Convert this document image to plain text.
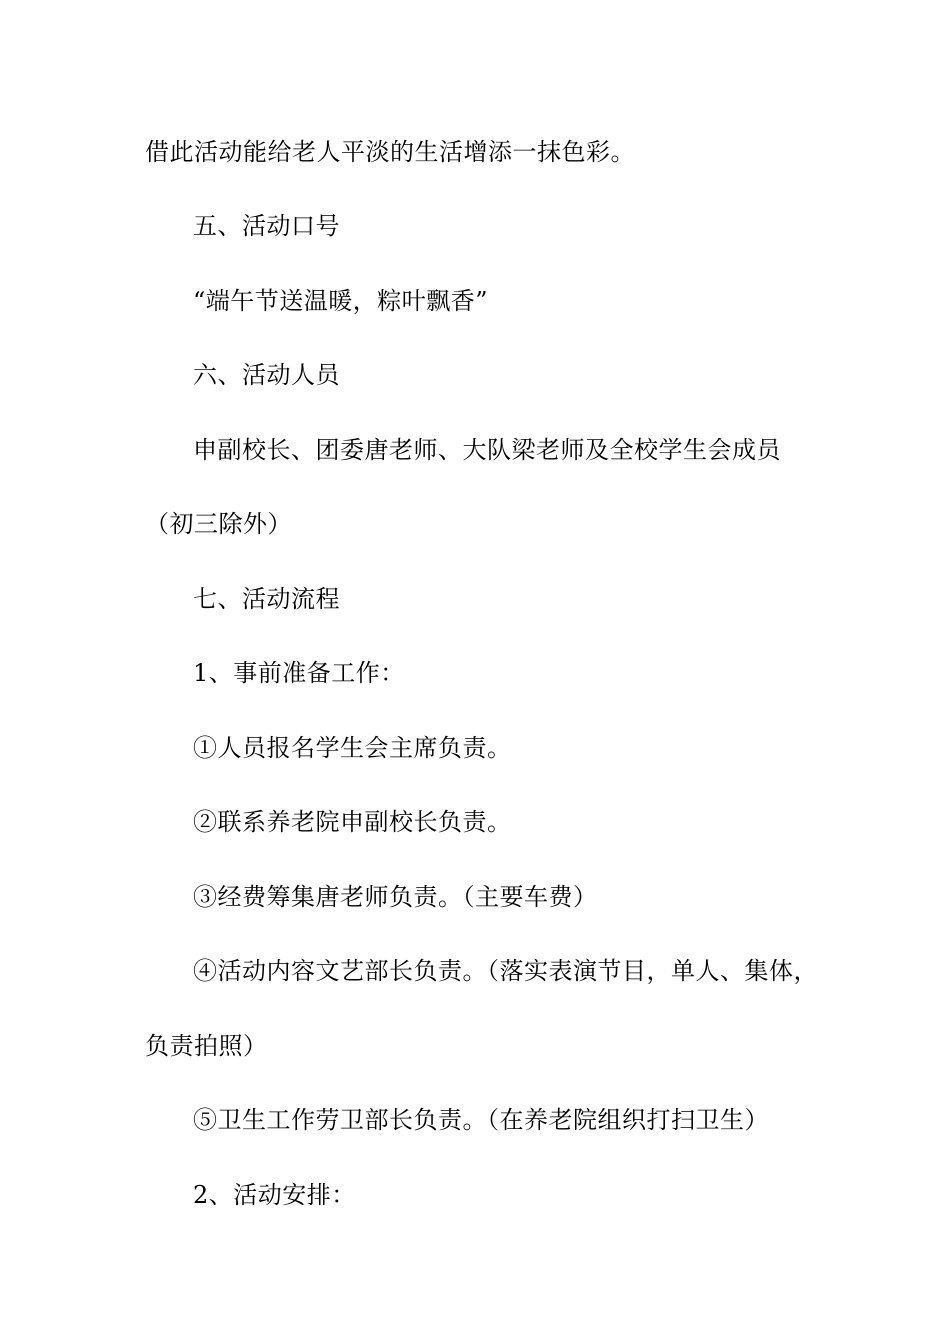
借此活动能给老人平淡的生活增添一抹色彩。
五、活动口号
“端午节送温暖，粽叶飘香”
六、活动人员
申副校长、团委唐老师、大队梁老师及全校学生会成员
（初三除外）
七、活动流程
1、事前准备工作：
①人员报名学生会主席负责。
②联系养老院申副校长负责。
③经费筹集唐老师负责。（主要车费）
④活动内容文艺部长负责。（落实表演节目，单人、集体，
负责拍照）
⑤卫生工作劳卫部长负责。（在养老院组织打扫卫生）
2、活动安排：
